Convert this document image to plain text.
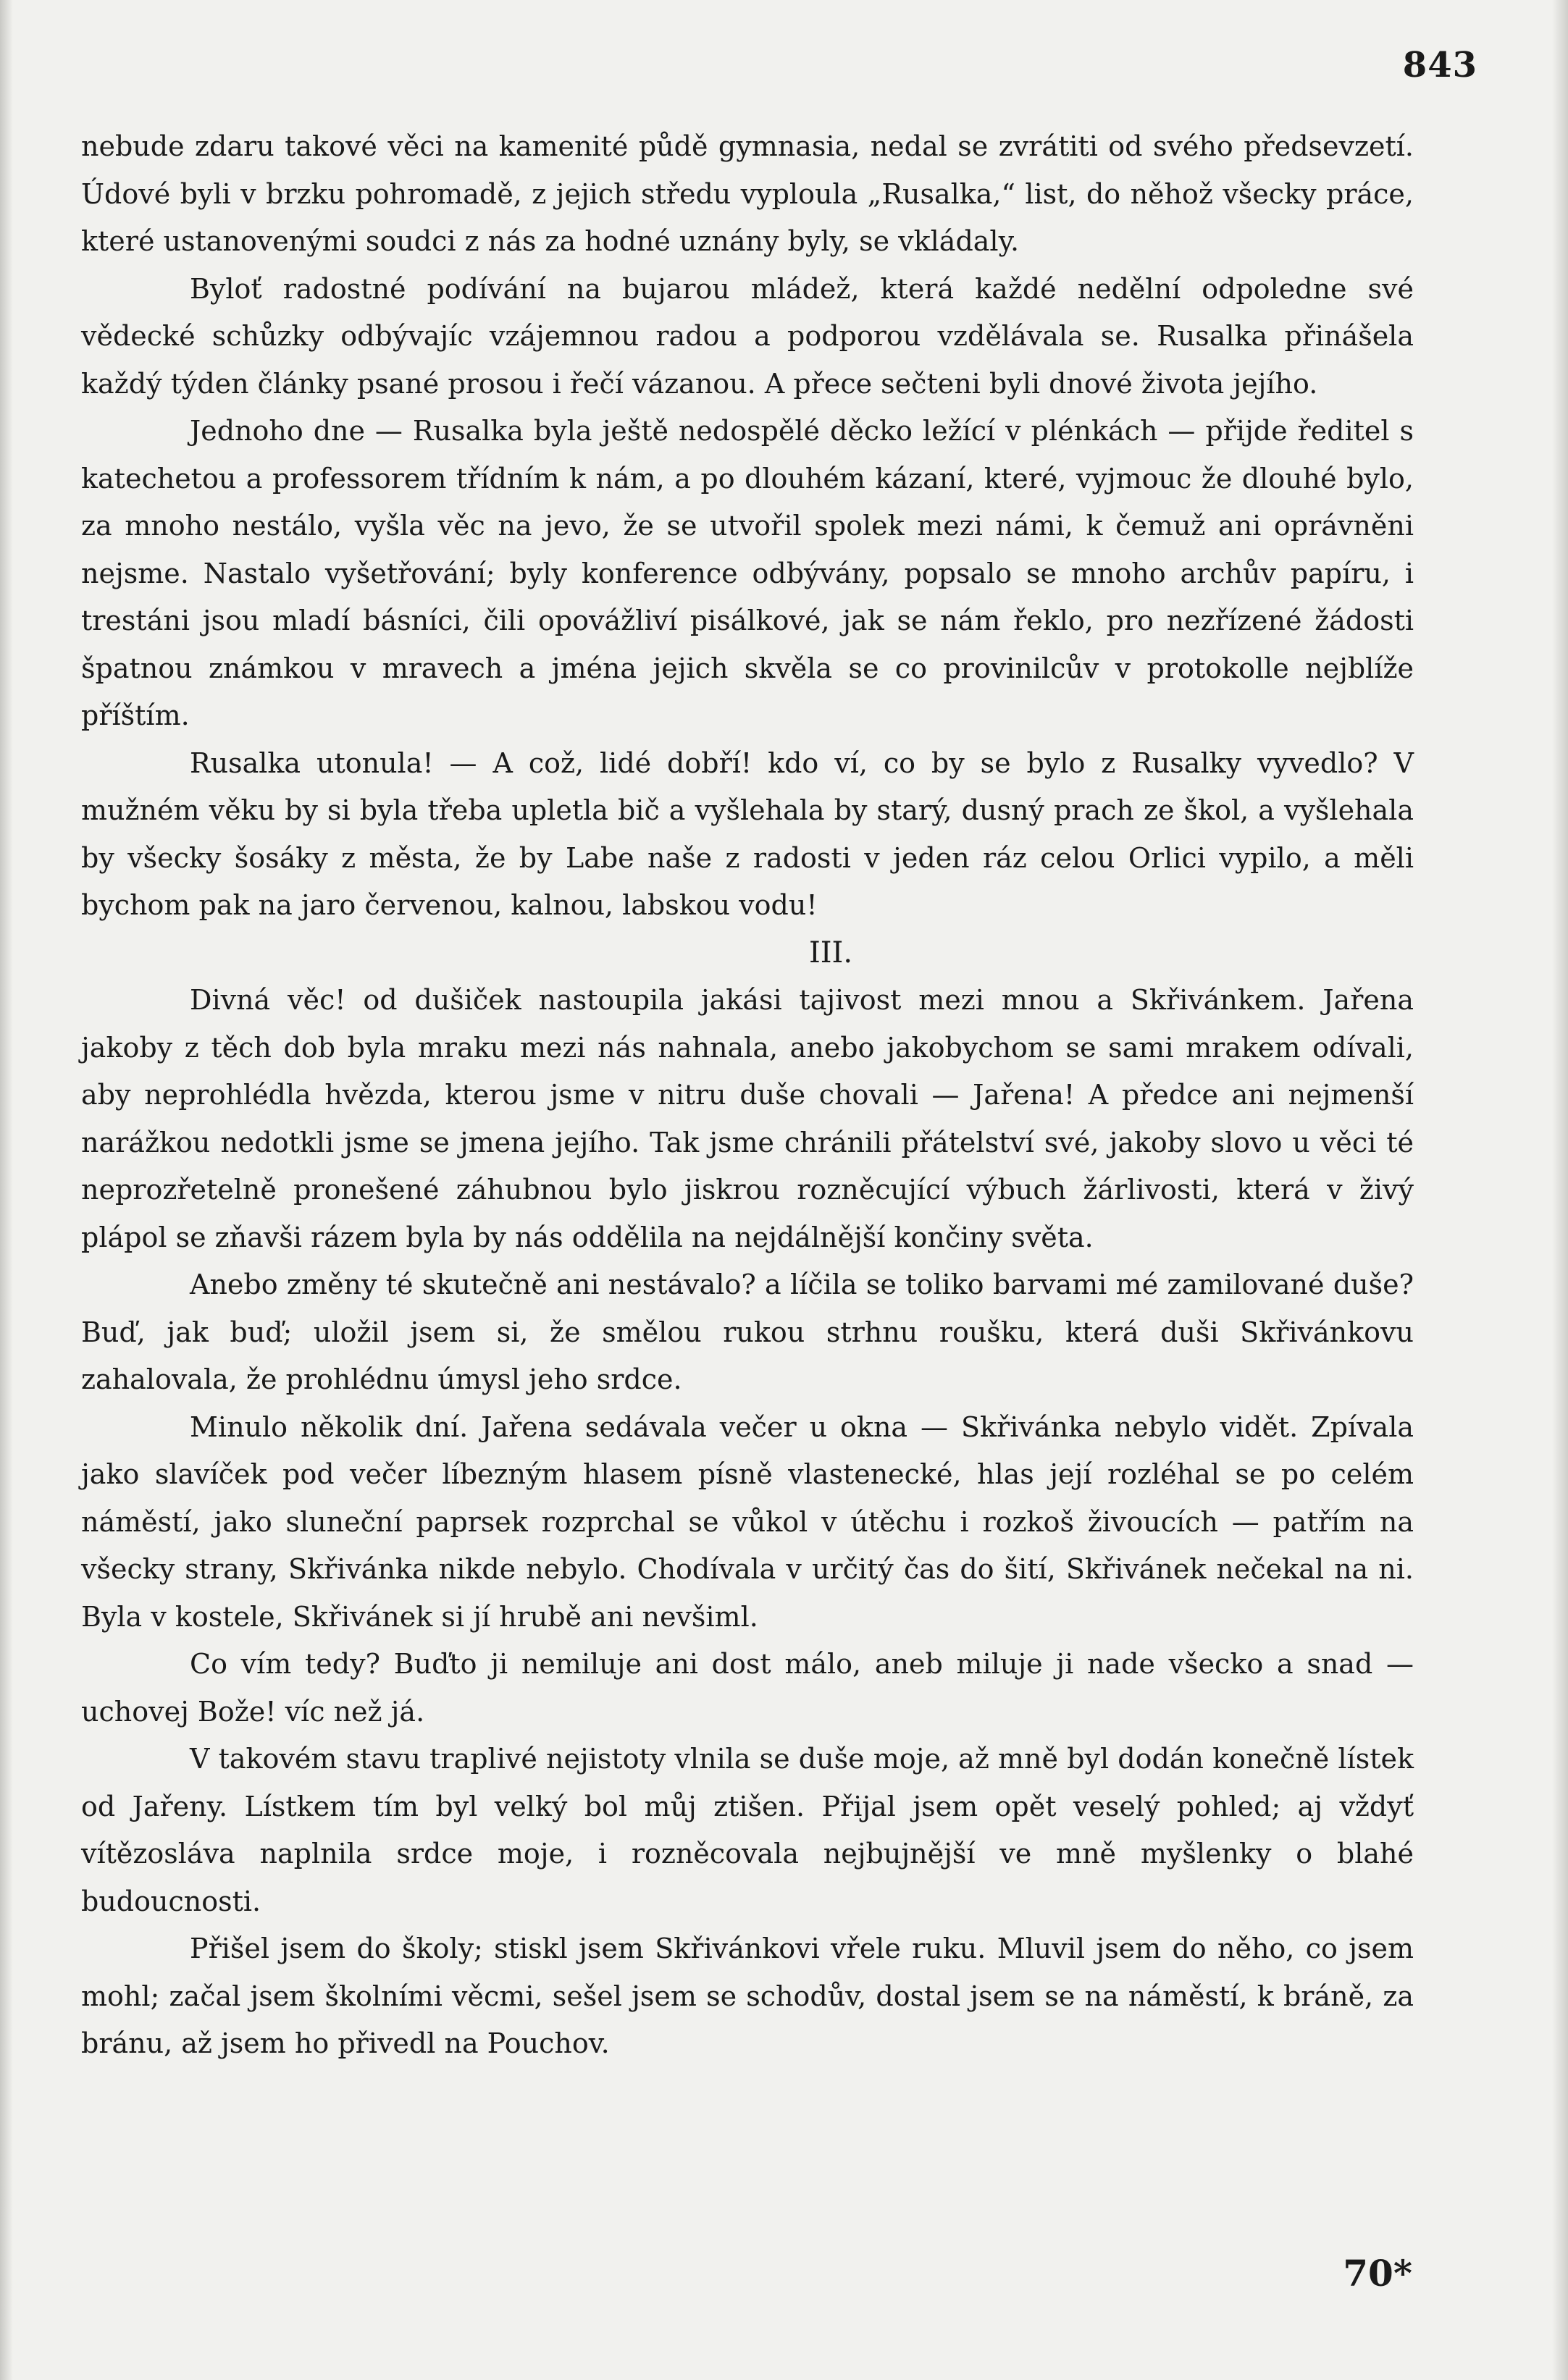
843

nebude zdaru takové věci na kamenité půdě gymnasia, nedal se zvrátiti od svého předsevzetí. Údové byli v brzku pohromadě, z jejich středu vyploula „Rusalka,“ list, do něhož všecky práce, které ustanovenými soudci z nás za hodné uznány byly, se vkládaly.

Byloť radostné podívání na bujarou mládež, která každé nedělní odpoledne své vědecké schůzky odbývajíc vzájemnou radou a podporou vzdělávala se. Rusalka přinášela každý týden články psané prosou i řečí vázanou. A přece sečteni byli dnové života jejího.

Jednoho dne — Rusalka byla ještě nedospělé děcko ležící v plénkách — přijde ředitel s katechetou a professorem třídním k nám, a po dlouhém kázaní, které, vyjmouc že dlouhé bylo, za mnoho nestálo, vyšla věc na jevo, že se utvořil spolek mezi námi, k čemuž ani oprávněni nejsme. Nastalo vyšetřování; byly konference odbývány, popsalo se mnoho archův papíru, i trestáni jsou mladí básníci, čili opovážliví pisálkové, jak se nám řeklo, pro nezřízené žádosti špatnou známkou v mravech a jména jejich skvěla se co provinilcův v protokolle nejblíže příštím.

Rusalka utonula! — A což, lidé dobří! kdo ví, co by se bylo z Rusalky vyvedlo? V mužném věku by si byla třeba upletla bič a vyšlehala by starý, dusný prach ze škol, a vyšlehala by všecky šosáky z města, že by Labe naše z radosti v jeden ráz celou Orlici vypilo, a měli bychom pak na jaro červenou, kalnou, labskou vodu!

III.

Divná věc! od dušiček nastoupila jakási tajivost mezi mnou a Skřivánkem. Jařena jakoby z těch dob byla mraku mezi nás nahnala, anebo jakobychom se sami mrakem odívali, aby neprohlédla hvězda, kterou jsme v nitru duše chovali — Jařena! A předce ani nejmenší narážkou nedotkli jsme se jmena jejího. Tak jsme chránili přátelství své, jakoby slovo u věci té neprozřetelně pronešené záhubnou bylo jiskrou rozněcující výbuch žárlivosti, která v živý plápol se zňavši rázem byla by nás oddělila na nejdálnější končiny světa.

Anebo změny té skutečně ani nestávalo? a líčila se toliko barvami mé zamilované duše? Buď, jak buď; uložil jsem si, že smělou rukou strhnu roušku, která duši Skřivánkovu zahalovala, že prohlédnu úmysl jeho srdce.

Minulo několik dní. Jařena sedávala večer u okna — Skřivánka nebylo vidět. Zpívala jako slavíček pod večer líbezným hlasem písně vlastenecké, hlas její rozléhal se po celém náměstí, jako sluneční paprsek rozprchal se vůkol v útěchu i rozkoš živoucích — patřím na všecky strany, Skřivánka nikde nebylo. Chodívala v určitý čas do šití, Skřivánek nečekal na ni. Byla v kostele, Skřivánek si jí hrubě ani nevšiml.

Co vím tedy? Buďto ji nemiluje ani dost málo, aneb miluje ji nade všecko a snad — uchovej Bože! víc než já.

V takovém stavu traplivé nejistoty vlnila se duše moje, až mně byl dodán konečně lístek od Jařeny. Lístkem tím byl velký bol můj ztišen. Přijal jsem opět veselý pohled; aj vždyť vítězosláva naplnila srdce moje, i rozněcovala nejbujnější ve mně myšlenky o blahé budoucnosti.

Přišel jsem do školy; stiskl jsem Skřivánkovi vřele ruku. Mluvil jsem do něho, co jsem mohl; začal jsem školními věcmi, sešel jsem se schodův, dostal jsem se na náměstí, k bráně, za bránu, až jsem ho přivedl na Pouchov.

70*
